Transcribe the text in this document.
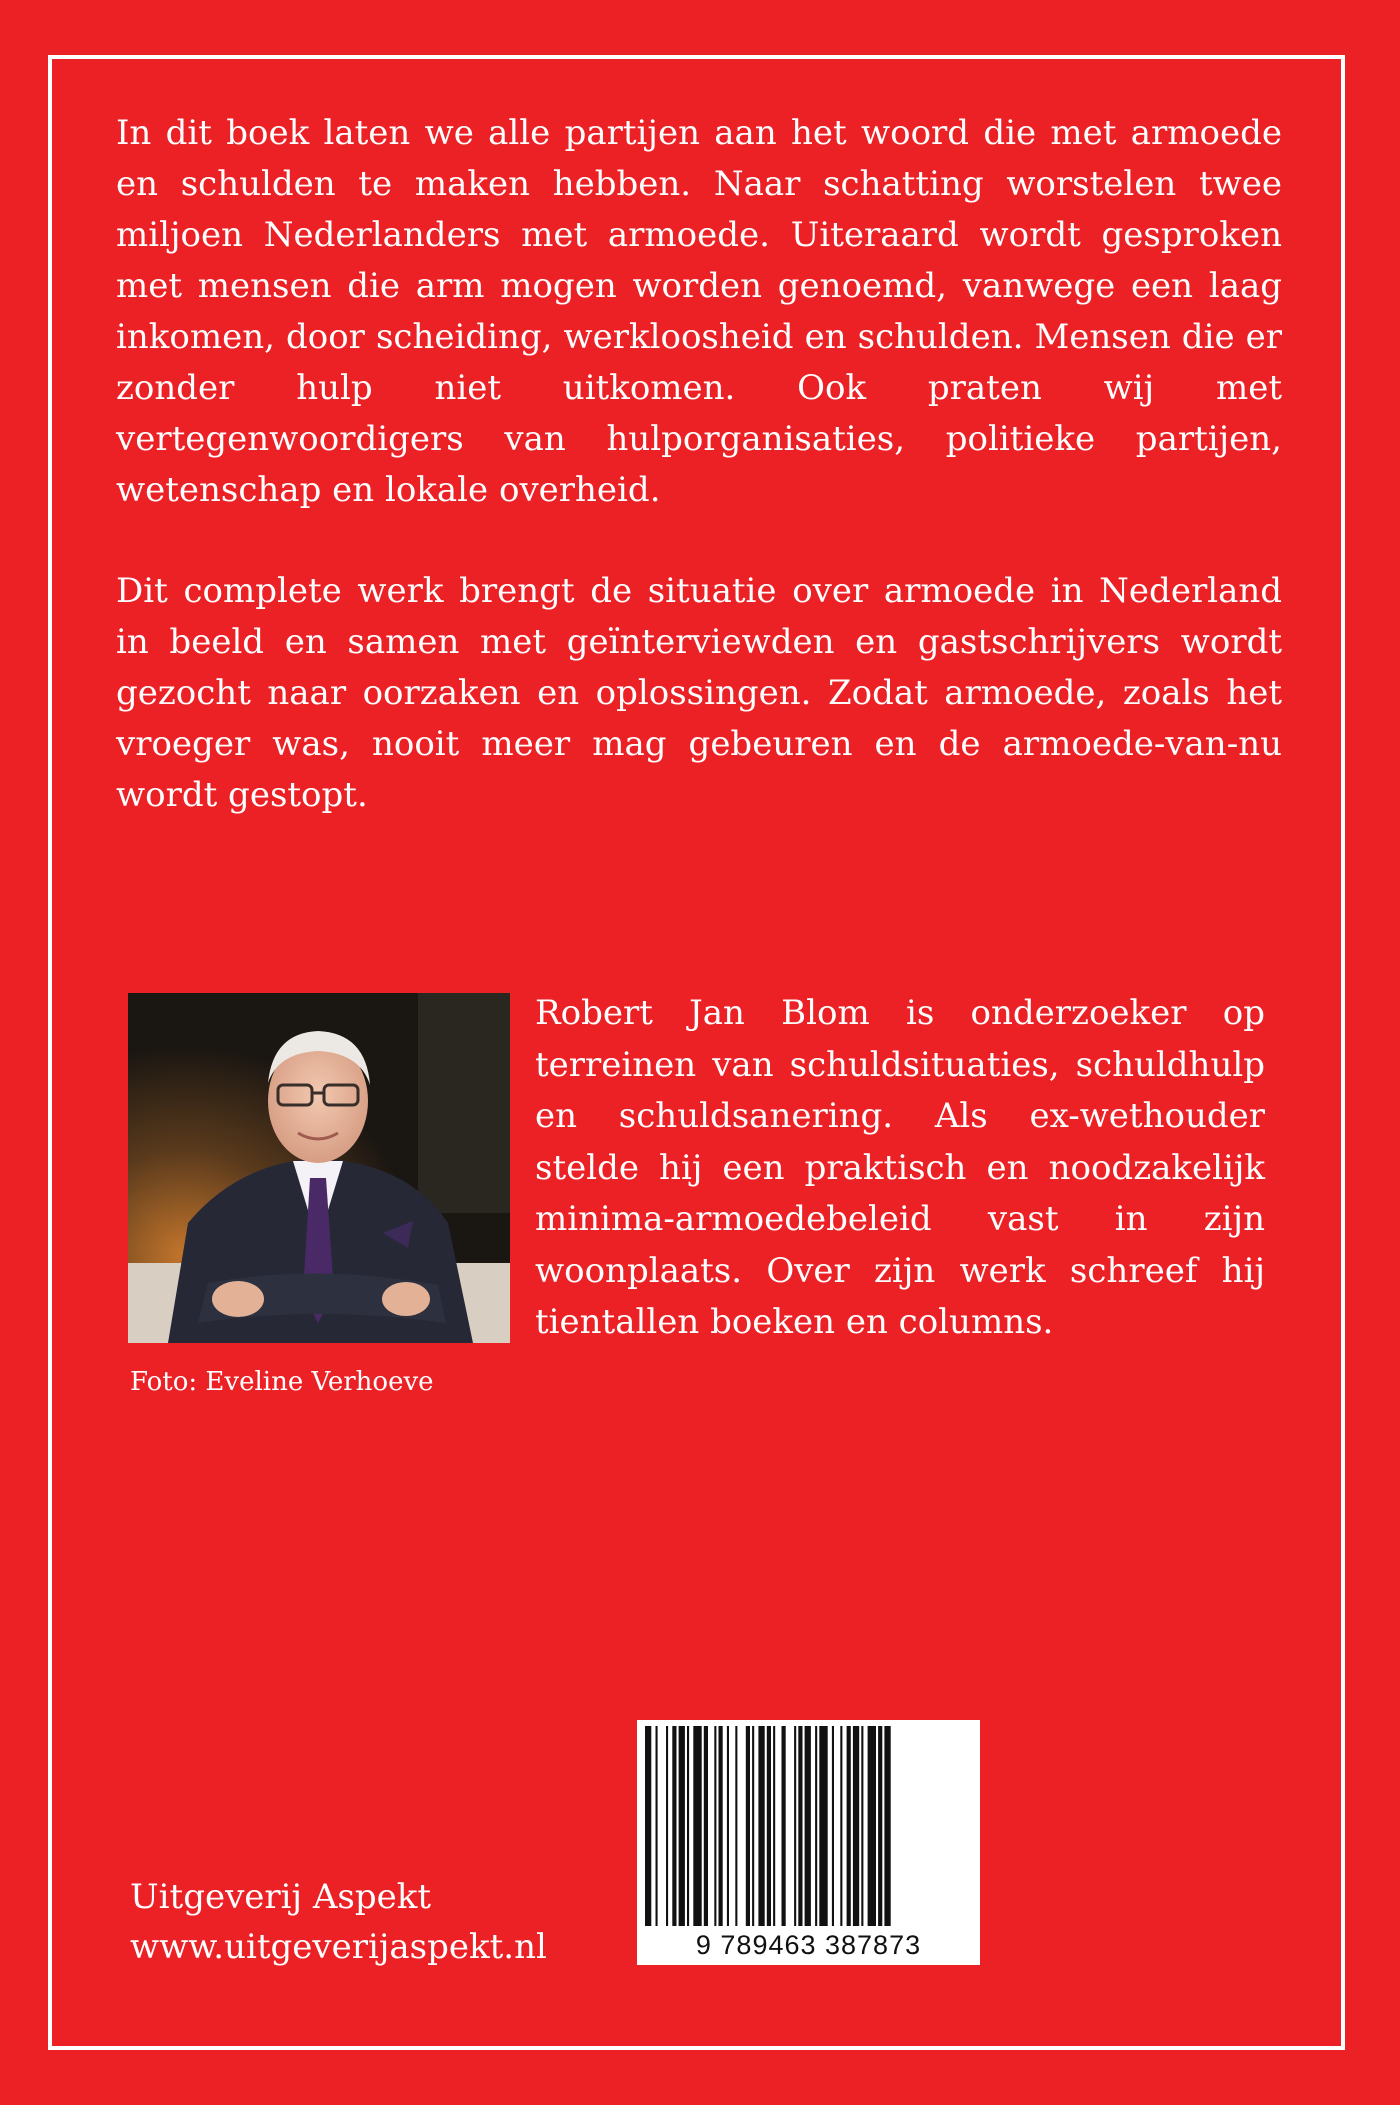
In dit boek laten we alle partijen aan het woord die met armoede en schulden te maken hebben. Naar schatting worstelen twee miljoen Nederlanders met armoede. Uiteraard wordt gesproken met mensen die arm mogen worden genoemd, vanwege een laag inkomen, door scheiding, werkloosheid en schulden. Mensen die er zonder hulp niet uitkomen. Ook praten wij met vertegenwoordigers van hulporganisaties, politieke partijen, wetenschap en lokale overheid.

Dit complete werk brengt de situatie over armoede in Nederland in beeld en samen met geïnterviewden en gastschrijvers wordt gezocht naar oorzaken en oplossingen. Zodat armoede, zoals het vroeger was, nooit meer mag gebeuren en de armoede-van-nu wordt gestopt.

Foto: Eveline Verhoeve

Robert Jan Blom is onderzoeker op terreinen van schuldsituaties, schuldhulp en schuldsanering. Als ex-wethouder stelde hij een praktisch en noodzakelijk minima-armoedebeleid vast in zijn woonplaats. Over zijn werk schreef hij tientallen boeken en columns.

Uitgeverij Aspekt
www.uitgeverijaspekt.nl	9 789463 387873
